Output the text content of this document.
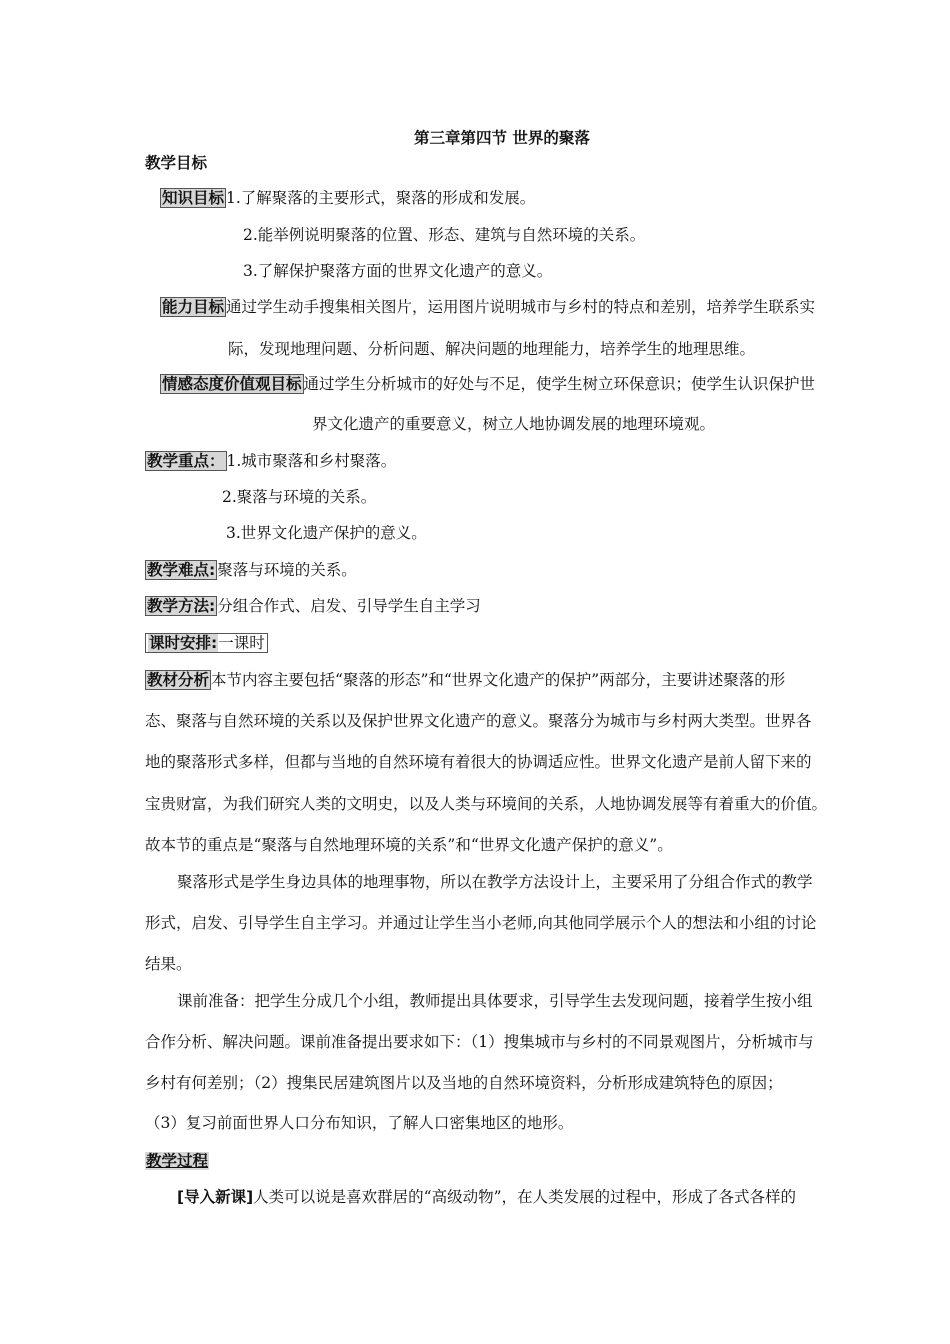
第三章第四节 世界的聚落
教学目标
知识目标 1.了解聚落的主要形式，聚落的形成和发展。
2.能举例说明聚落的位置、形态、建筑与自然环境的关系。
3.了解保护聚落方面的世界文化遗产的意义。
能力目标 通过学生动手搜集相关图片，运用图片说明城市与乡村的特点和差别，培养学生联系实
际，发现地理问题、分析问题、解决问题的地理能力，培养学生的地理思维。
情感态度价值观目标 通过学生分析城市的好处与不足，使学生树立环保意识；使学生认识保护世
界文化遗产的重要意义，树立人地协调发展的地理环境观。
教学重点： 1.城市聚落和乡村聚落。
2.聚落与环境的关系。
3.世界文化遗产保护的意义。
教学难点: 聚落与环境的关系。
教学方法: 分组合作式、启发、引导学生自主学习
课时安排:一课时
教材分析 本节内容主要包括“聚落的形态”和“世界文化遗产的保护”两部分，主要讲述聚落的形
态、聚落与自然环境的关系以及保护世界文化遗产的意义。聚落分为城市与乡村两大类型。世界各
地的聚落形式多样，但都与当地的自然环境有着很大的协调适应性。世界文化遗产是前人留下来的
宝贵财富，为我们研究人类的文明史，以及人类与环境间的关系，人地协调发展等有着重大的价值。
故本节的重点是“聚落与自然地理环境的关系”和“世界文化遗产保护的意义”。
聚落形式是学生身边具体的地理事物，所以在教学方法设计上，主要采用了分组合作式的教学
形式，启发、引导学生自主学习。并通过让学生当小老师,向其他同学展示个人的想法和小组的讨论
结果。
课前准备：把学生分成几个小组，教师提出具体要求，引导学生去发现问题，接着学生按小组
合作分析、解决问题。课前准备提出要求如下：（1）搜集城市与乡村的不同景观图片，分析城市与
乡村有何差别；（2）搜集民居建筑图片以及当地的自然环境资料，分析形成建筑特色的原因；
（3）复习前面世界人口分布知识，了解人口密集地区的地形。
教学过程
[导入新课]人类可以说是喜欢群居的“高级动物”，在人类发展的过程中，形成了各式各样的
